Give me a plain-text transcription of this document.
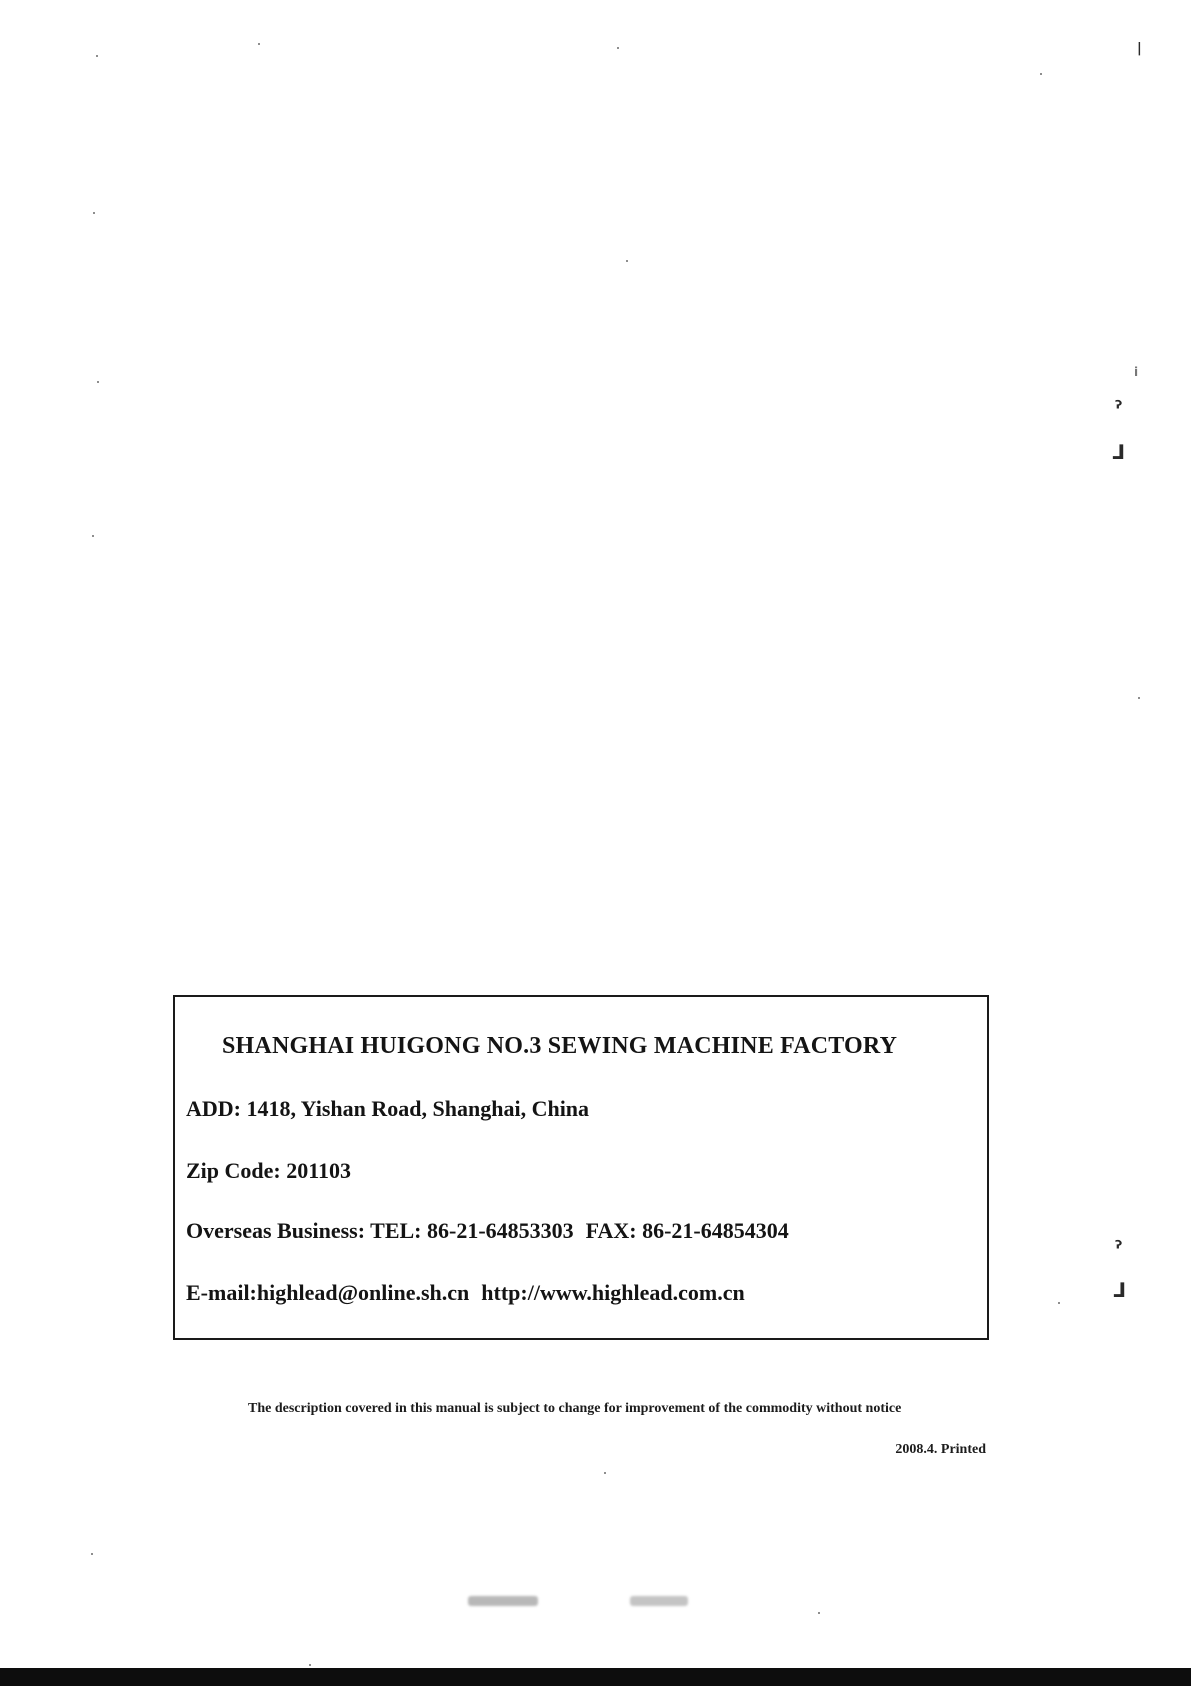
|
i
ˀ
⅃
ˀ
⅃
SHANGHAI HUIGONG NO.3 SEWING MACHINE FACTORY
ADD: 1418, Yishan Road, Shanghai, China
Zip Code: 201103
Overseas Business: TEL: 86-21-64853303 FAX: 86-21-64854304
E-mail:highlead@online.sh.cn http://www.highlead.com.cn
The description covered in this manual is subject to change for improvement of the commodity without notice
2008.4. Printed
